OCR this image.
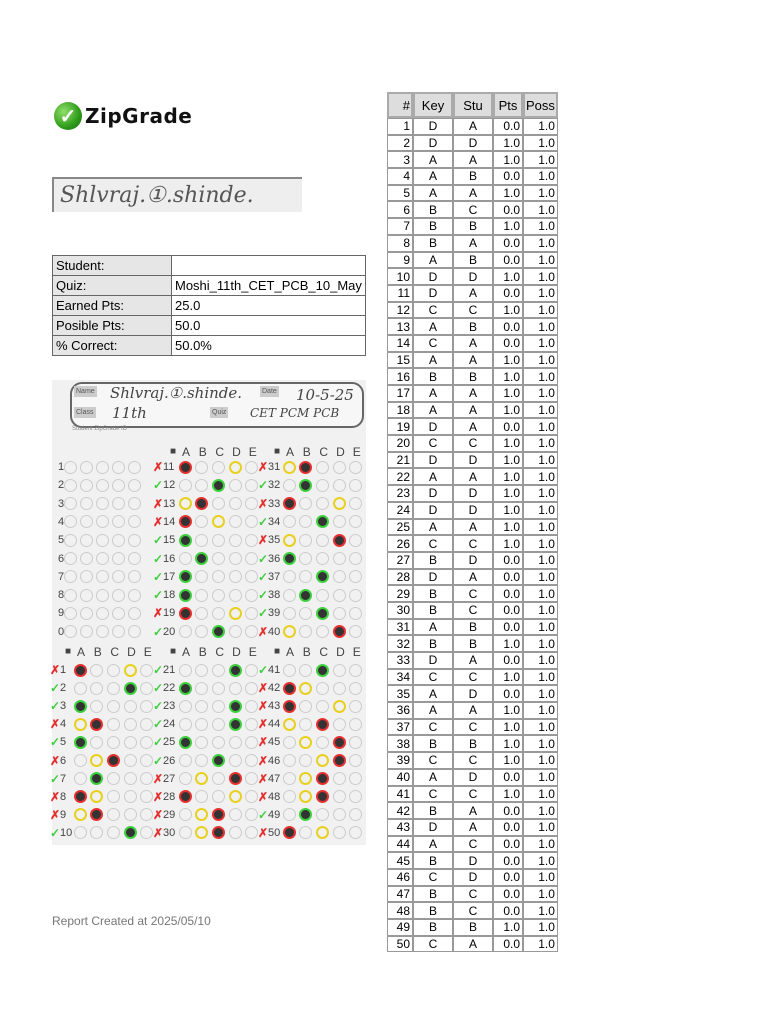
✓ ZipGrade
Shlvraj.①.shinde.
Student:	
Quiz:	Moshi_11th_CET_PCB_10_May
Earned Pts:	25.0
Posible Pts:	50.0
% Correct:	50.0%
Name Shlvraj.①.shinde.	Date 10-5-25
Class 11th	Quiz CET PCM PCB
Student ZipGrade ID
■ A B C D E ■ A B C D E
1	✗ 11	✗ 31
2	✓ 12	✓ 32
3	✗ 13	✗ 33
4	✗ 14	✓ 34
5	✓ 15	✗ 35
6	✓ 16	✓ 36
7	✓ 17	✓ 37
8	✓ 18	✓ 38
9	✗ 19	✓ 39
0	✓ 20	✗ 40
■ A B C D E ■ A B C D E ■ A B C D E
✗ 1	✓ 21	✓ 41
✓ 2	✓ 22	✗ 42
✓ 3	✓ 23	✗ 43
✗ 4	✓ 24	✗ 44
✓ 5	✓ 25	✗ 45
✗ 6	✓ 26	✗ 46
✓ 7	✗ 27	✗ 47
✗ 8	✗ 28	✗ 48
✗ 9	✗ 29	✓ 49
✓ 10	✗ 30	✗ 50
#	Key	Stu	Pts	Poss
1	D	A	0.0	1.0
2	D	D	1.0	1.0
3	A	A	1.0	1.0
4	A	B	0.0	1.0
5	A	A	1.0	1.0
6	B	C	0.0	1.0
7	B	B	1.0	1.0
8	B	A	0.0	1.0
9	A	B	0.0	1.0
10	D	D	1.0	1.0
11	D	A	0.0	1.0
12	C	C	1.0	1.0
13	A	B	0.0	1.0
14	C	A	0.0	1.0
15	A	A	1.0	1.0
16	B	B	1.0	1.0
17	A	A	1.0	1.0
18	A	A	1.0	1.0
19	D	A	0.0	1.0
20	C	C	1.0	1.0
21	D	D	1.0	1.0
22	A	A	1.0	1.0
23	D	D	1.0	1.0
24	D	D	1.0	1.0
25	A	A	1.0	1.0
26	C	C	1.0	1.0
27	B	D	0.0	1.0
28	D	A	0.0	1.0
29	B	C	0.0	1.0
30	B	C	0.0	1.0
31	A	B	0.0	1.0
32	B	B	1.0	1.0
33	D	A	0.0	1.0
34	C	C	1.0	1.0
35	A	D	0.0	1.0
36	A	A	1.0	1.0
37	C	C	1.0	1.0
38	B	B	1.0	1.0
39	C	C	1.0	1.0
40	A	D	0.0	1.0
41	C	C	1.0	1.0
42	B	A	0.0	1.0
43	D	A	0.0	1.0
44	A	C	0.0	1.0
45	B	D	0.0	1.0
46	C	D	0.0	1.0
47	B	C	0.0	1.0
48	B	C	0.0	1.0
49	B	B	1.0	1.0
50	C	A	0.0	1.0
Report Created at 2025/05/10
